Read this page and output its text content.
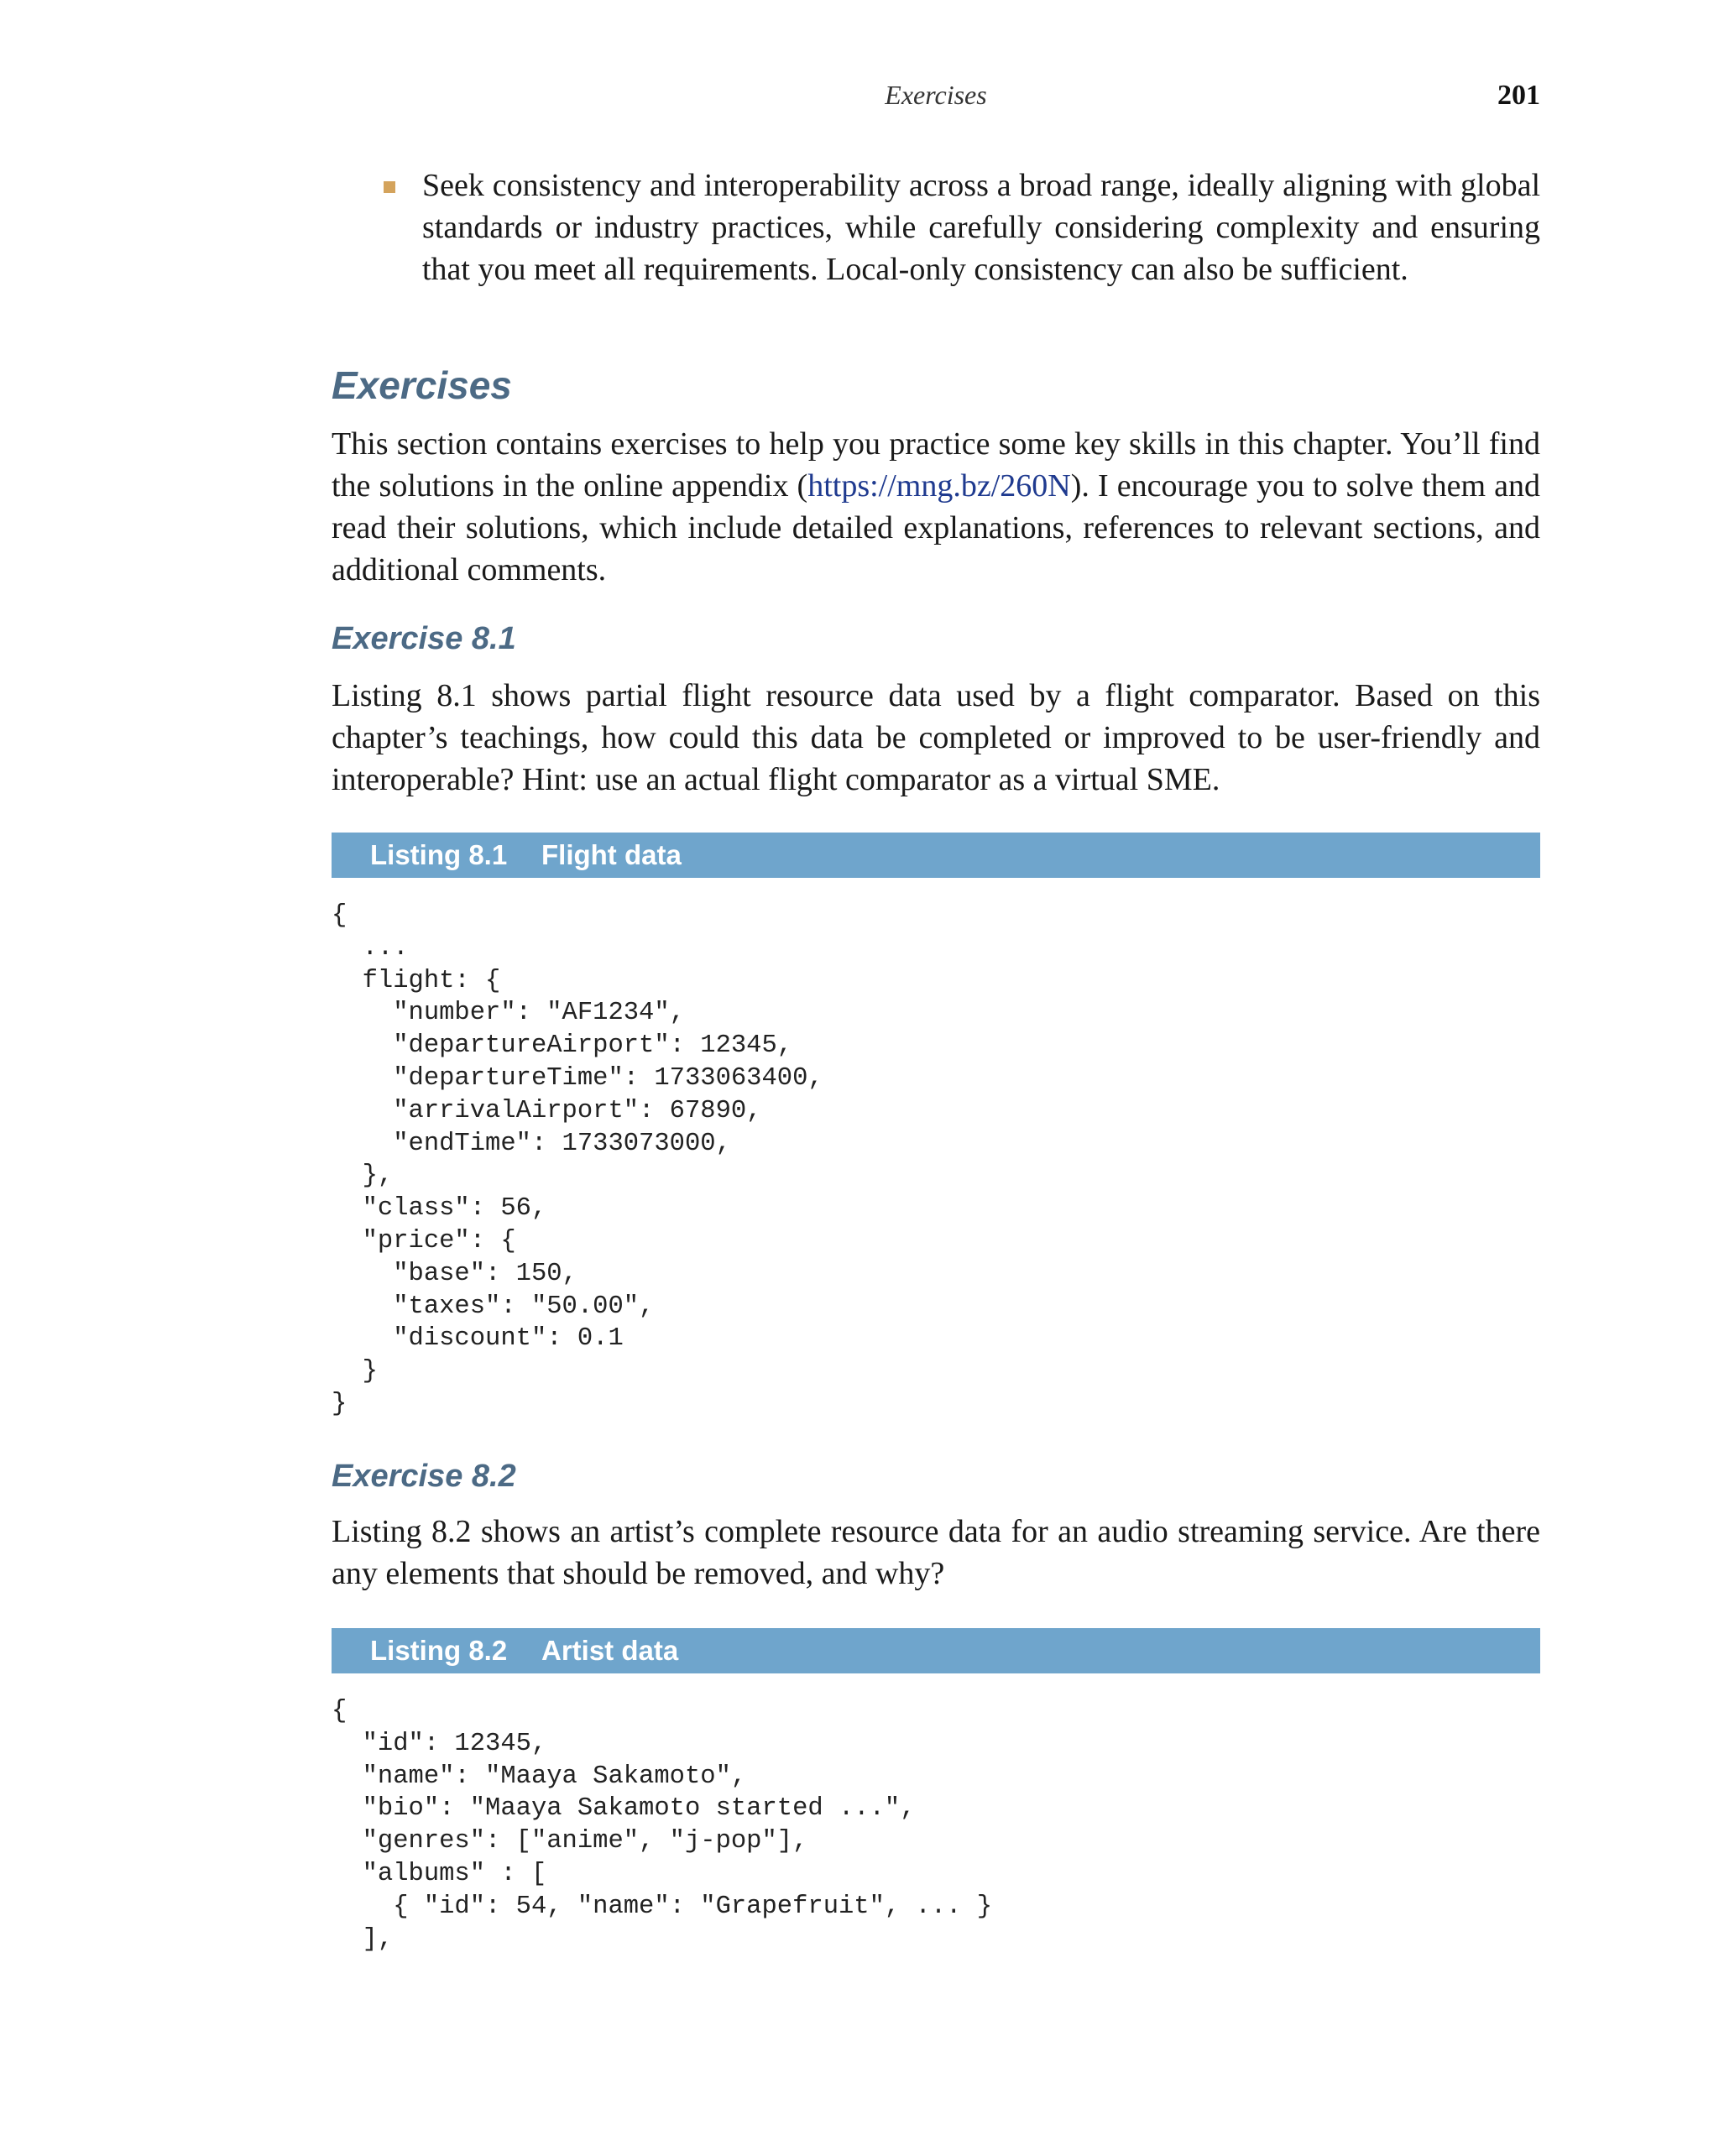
Exercises	201

Seek consistency and interoperability across a broad range, ideally aligning with global standards or industry practices, while carefully considering complexity and ensuring that you meet all requirements. Local-only consistency can also be sufficient.

Exercises

This section contains exercises to help you practice some key skills in this chapter. You’ll find the solutions in the online appendix (https://mng.bz/260N). I encourage you to solve them and read their solutions, which include detailed explanations, references to relevant sections, and additional comments.

Exercise 8.1

Listing 8.1 shows partial flight resource data used by a flight comparator. Based on this chapter’s teachings, how could this data be completed or improved to be user-friendly and interoperable? Hint: use an actual flight comparator as a virtual SME.

Listing 8.1 Flight data
{
...
flight: {
"number": "AF1234",
"departureAirport": 12345,
"departureTime": 1733063400,
"arrivalAirport": 67890,
"endTime": 1733073000,
},
"class": 56,
"price": {
"base": 150,
"taxes": "50.00",
"discount": 0.1
}
}
Exercise 8.2

Listing 8.2 shows an artist’s complete resource data for an audio streaming service. Are there any elements that should be removed, and why?

Listing 8.2 Artist data
{
"id": 12345,
"name": "Maaya Sakamoto",
"bio": "Maaya Sakamoto started ...",
"genres": ["anime", "j-pop"],
"albums" : [
{ "id": 54, "name": "Grapefruit", ... }
],
